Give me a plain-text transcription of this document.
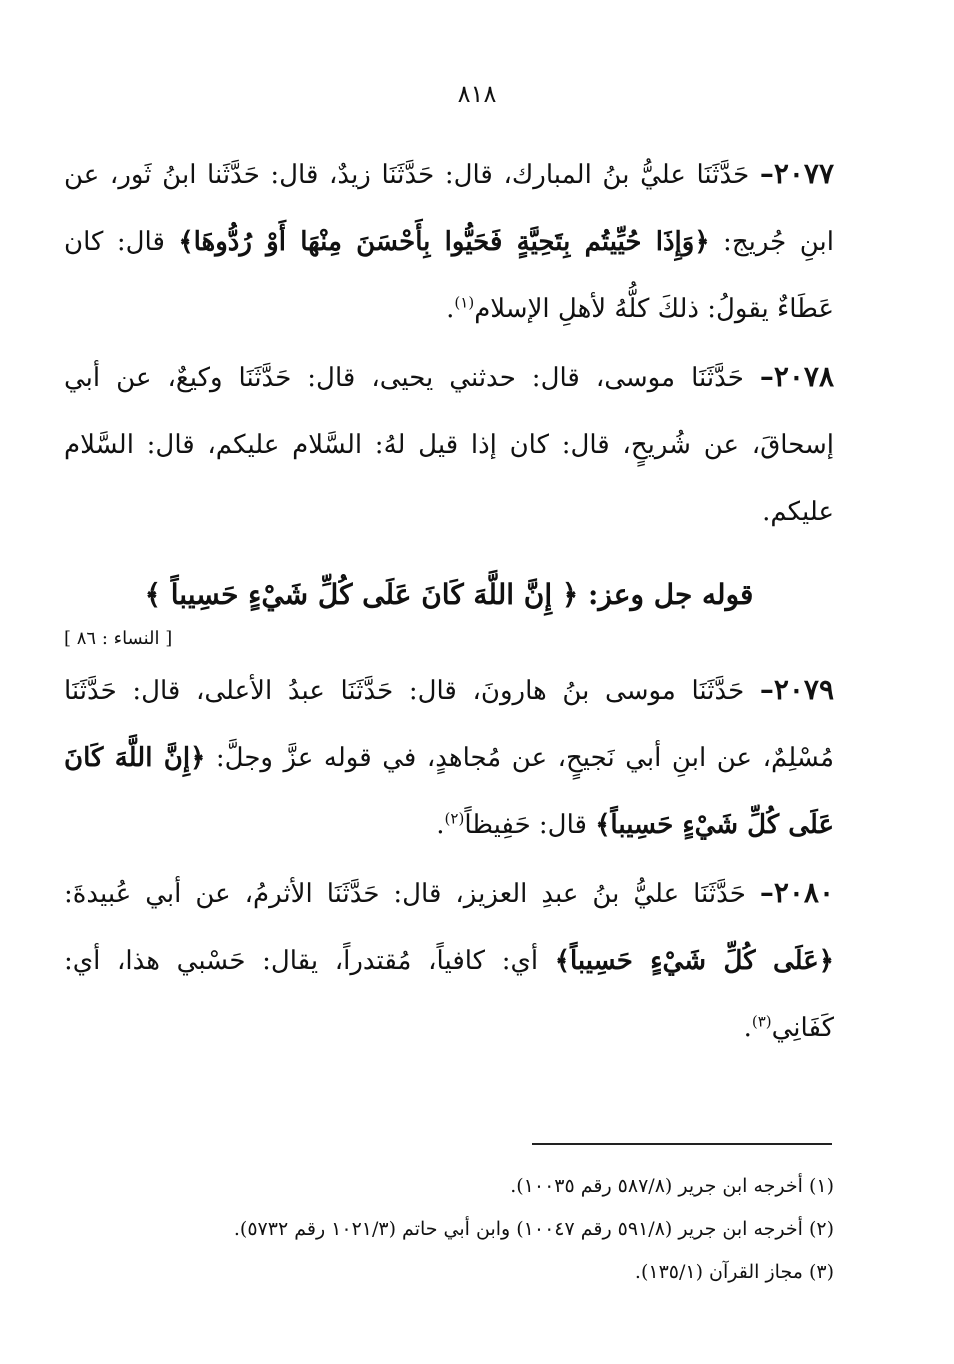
٨١٨

٢٠٧٧– حَدَّثَنَا عليُّ بنُ المبارك، قال: حَدَّثَنَا زيدٌ، قال: حَدَّثَنا ابنُ ثَور، عن ابنِ جُريج: ﴿وَإِذَا حُيِّيتُم بِتَحِيَّةٍ فَحَيُّوا بِأَحْسَنَ مِنْهَا أَوْ رُدُّوهَا﴾ قال: كان عَطَاءٌ يقولُ: ذلكَ كلُّهُ لأهلِ الإسلام$^{(١)}$.

٢٠٧٨– حَدَّثَنَا موسى، قال: حدثني يحيى، قال: حَدَّثَنَا وكيعٌ، عن أبي إسحاقَ، عن شُريحٍ، قال: كان إذا قيل لهُ: السَّلام عليكم، قال: السَّلام عليكم.

قوله جل وعز: ﴿ إِنَّ اللَّهَ كَانَ عَلَى كُلِّ شَيْءٍ حَسِيباً ﴾
[ النساء : ٨٦ ]

٢٠٧٩– حَدَّثَنَا موسى بنُ هارونَ، قال: حَدَّثَنَا عبدُ الأعلى، قال: حَدَّثَنَا مُسْلِمٌ، عن ابنِ أبي نَجيحٍ، عن مُجاهدٍ، في قوله عزَّ وجلَّ: ﴿إِنَّ اللَّهَ كَانَ عَلَى كُلِّ شَيْءٍ حَسِيباً﴾ قال: حَفِيظاً$^{(٢)}$.

٢٠٨٠– حَدَّثَنَا عليُّ بنُ عبدِ العزيز، قال: حَدَّثَنَا الأثرمُ، عن أبي عُبيدةَ: ﴿عَلَى كُلِّ شَيْءٍ حَسِيباً﴾ أي: كافياً، مُقتدراً، يقال: حَسْبي هذا، أي: كَفَانِي$^{(٣)}$.

(١) أخرجه ابن جرير (٥٨٧/٨ رقم ١٠٠٣٥).

(٢) أخرجه ابن جرير (٥٩١/٨ رقم ١٠٠٤٧) وابن أبي حاتم (١٠٢١/٣ رقم ٥٧٣٢).

(٣) مجاز القرآن (١٣٥/١).
